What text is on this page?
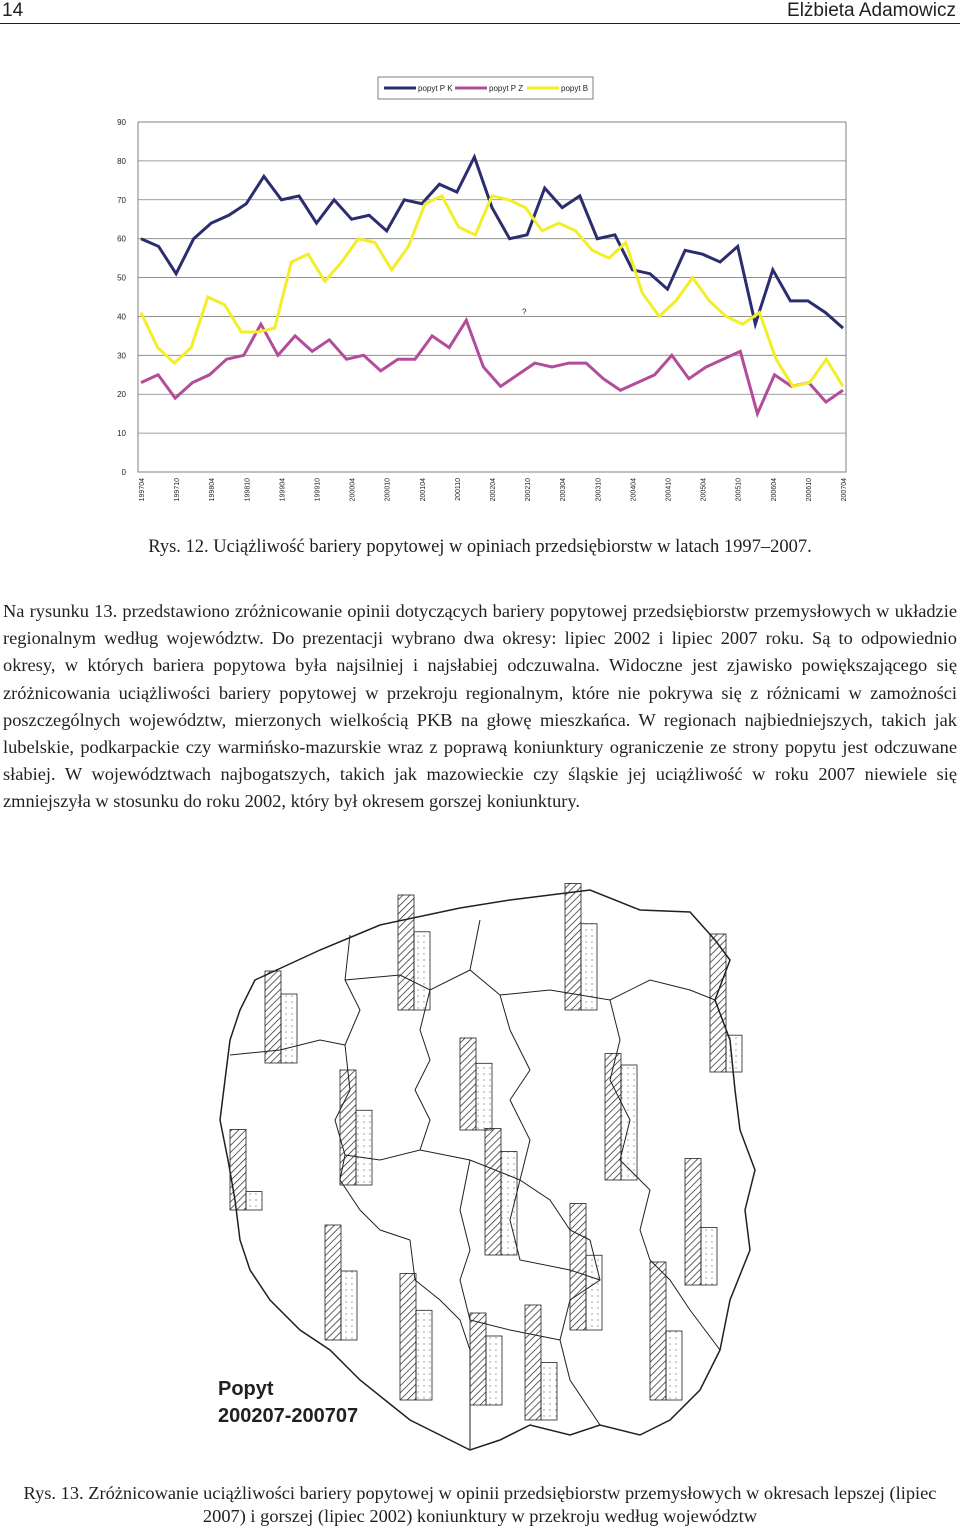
14	Elżbieta Adamowicz
0
10
20
30
40
50
60
70
80
90
199704	199710	199804	199810	199904	199910	200004	200010	200104	200110	200204	200210	200304	200310	200404	200410	200504	200510	200604	200610	200704
?
popyt P K	popyt P Z	popyt B
Rys. 12. Uciążliwość bariery popytowej w opiniach przedsiębiorstw w latach 1997–2007.

Na rysunku 13. przedstawiono zróżnicowanie opinii dotyczących bariery popytowej przedsiębiorstw przemysłowych w układzie regionalnym według województw. Do prezentacji wybrano dwa okresy: lipiec 2002 i lipiec 2007 roku. Są to odpowiednio okresy, w których bariera popytowa była najsilniej i najsłabiej odczuwalna. Widoczne jest zjawisko powiększającego się zróżnicowania uciążliwości bariery popytowej w przekroju regionalnym, które nie pokrywa się z różnicami w zamożności poszczególnych województw, mierzonych wielkością PKB na głowę mieszkańca. W regionach najbiedniejszych, takich jak lubelskie, podkarpackie czy warmińsko-mazurskie wraz z poprawą koniunktury ograniczenie ze strony popytu jest odczuwane słabiej. W województwach najbogatszych, takich jak mazowieckie czy śląskie jej uciążliwość w roku 2007 niewiele się zmniejszyła w stosunku do roku 2002, który był okresem gorszej koniunktury.
Popyt
200207-200707
Rys. 13. Zróżnicowanie uciążliwości bariery popytowej w opinii przedsiębiorstw przemysłowych w okresach lepszej (lipiec 2007) i gorszej (lipiec 2002) koniunktury w przekroju według województw
